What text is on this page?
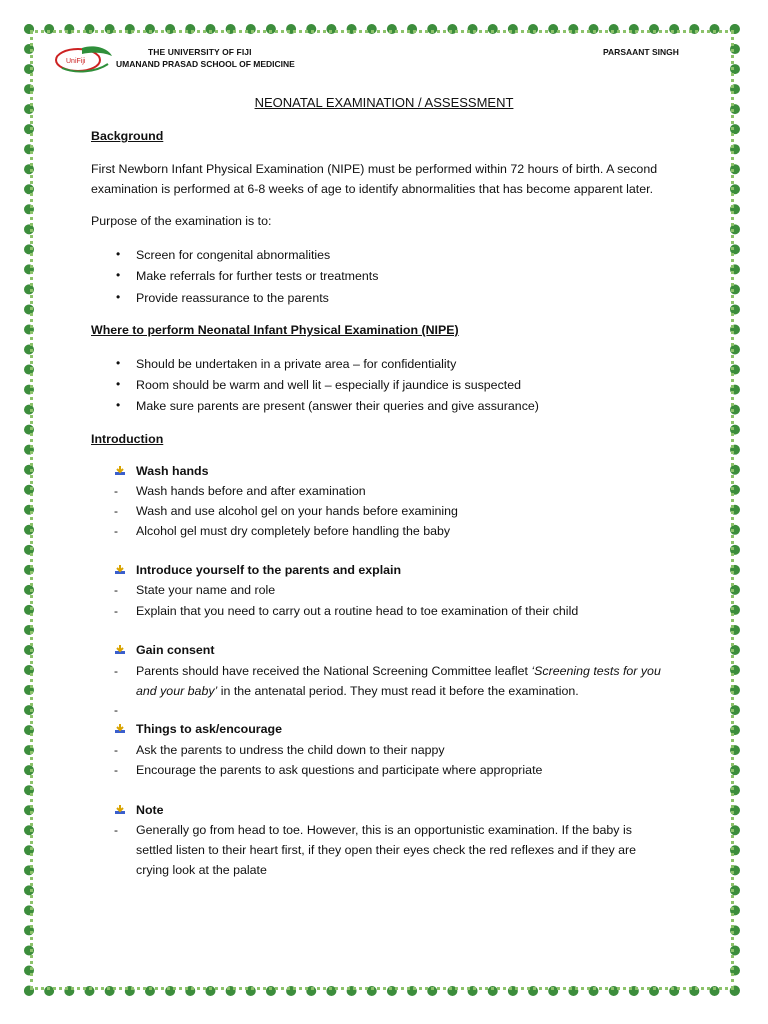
UniFiji
THE UNIVERSITY OF FIJI
UMANAND PRASAD SCHOOL OF MEDICINE
PARSAANT SINGH
NEONATAL EXAMINATION / ASSESSMENT
Background
First Newborn Infant Physical Examination (NIPE) must be performed within 72 hours of birth. A second
examination is performed at 6-8 weeks of age to identify abnormalities that has become apparent later.
Purpose of the examination is to:
• Screen for congenital abnormalities
• Make referrals for further tests or treatments
• Provide reassurance to the parents
Where to perform Neonatal Infant Physical Examination (NIPE)
• Should be undertaken in a private area – for confidentiality
• Room should be warm and well lit – especially if jaundice is suspected
• Make sure parents are present (answer their queries and give assurance)
Introduction
Wash hands
- Wash hands before and after examination
- Wash and use alcohol gel on your hands before examining
- Alcohol gel must dry completely before handling the baby
Introduce yourself to the parents and explain
- State your name and role
- Explain that you need to carry out a routine head to toe examination of their child
Gain consent
- Parents should have received the National Screening Committee leaflet ‘Screening tests for you
and your baby’ in the antenatal period. They must read it before the examination.
-
Things to ask/encourage
- Ask the parents to undress the child down to their nappy
- Encourage the parents to ask questions and participate where appropriate
Note
- Generally go from head to toe. However, this is an opportunistic examination. If the baby is
settled listen to their heart first, if they open their eyes check the red reflexes and if they are
crying look at the palate
